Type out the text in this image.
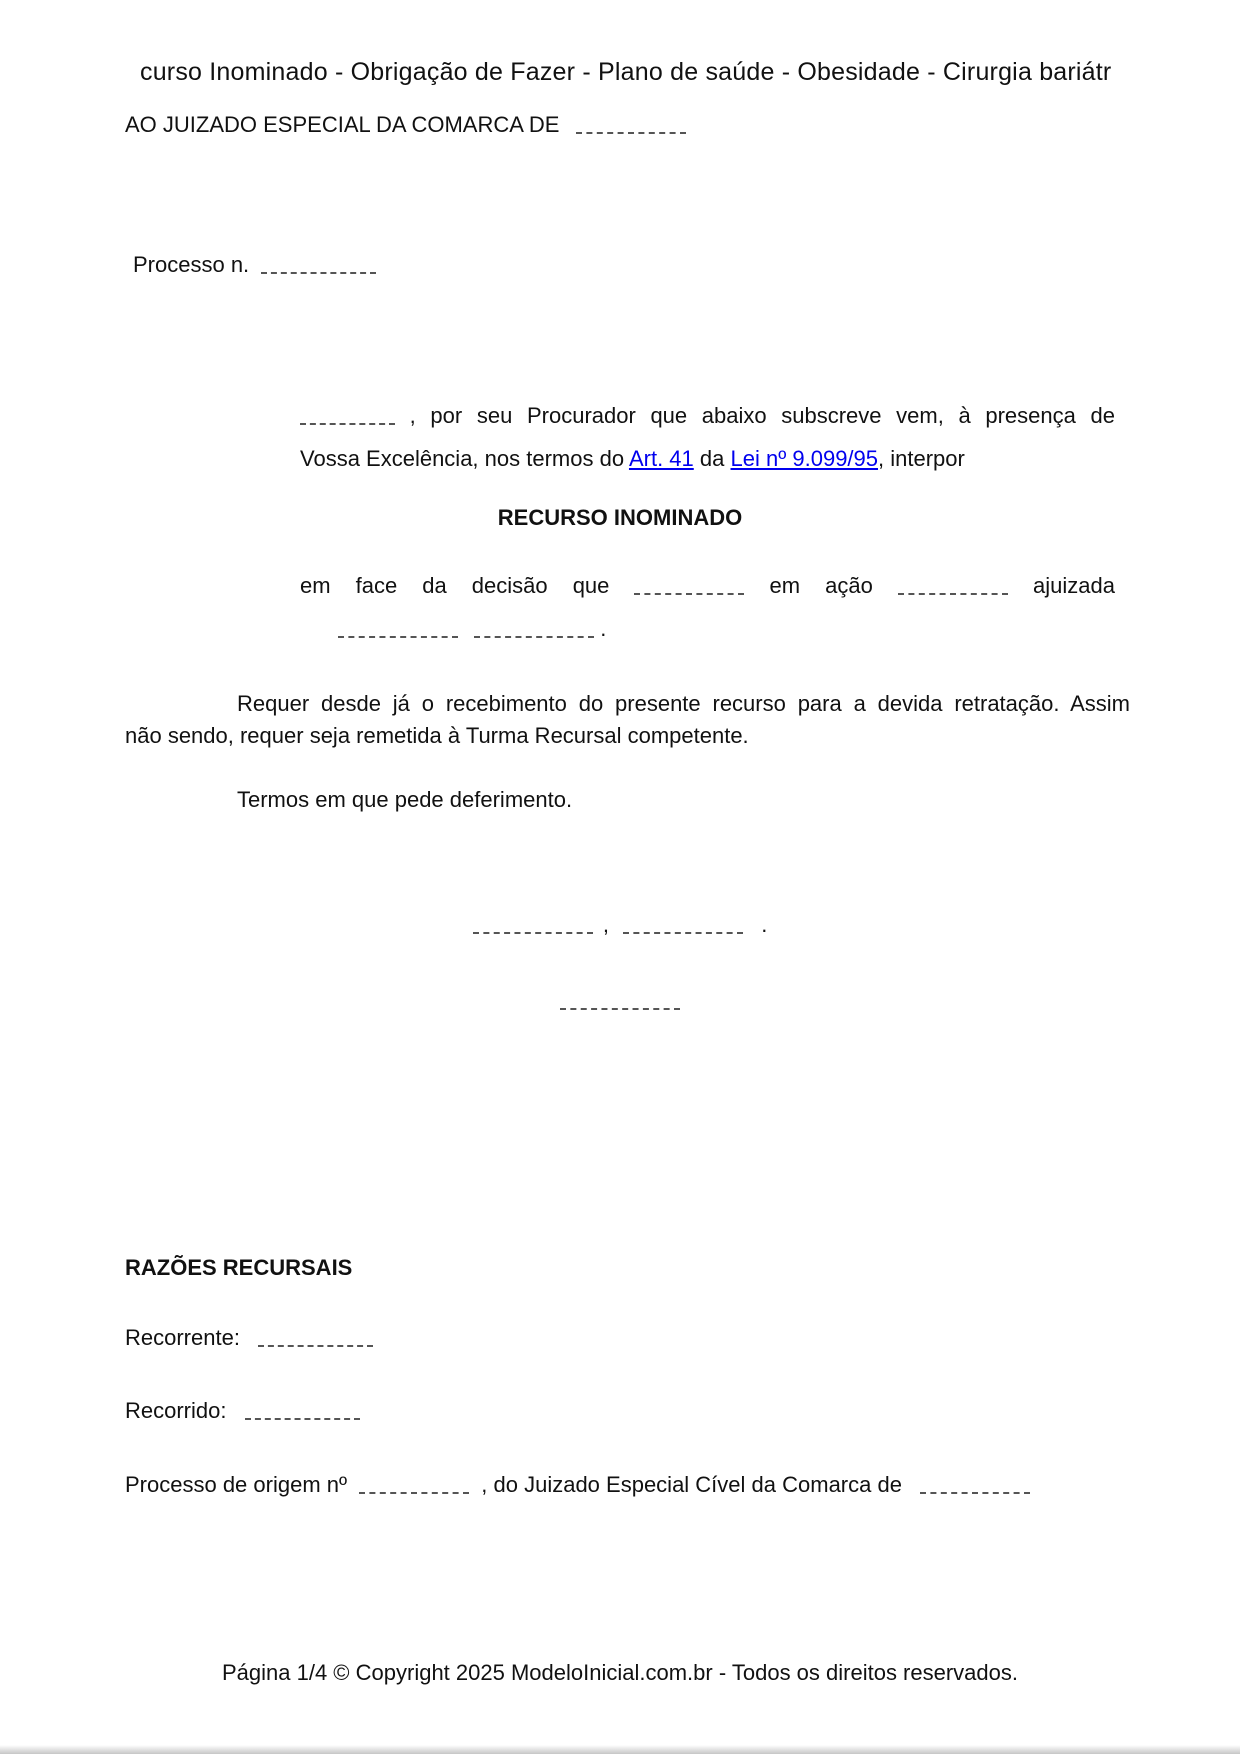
curso Inominado - Obrigação de Fazer - Plano de saúde - Obesidade - Cirurgia bariátr
AO JUIZADO ESPECIAL DA COMARCA DE
Processo n.
, por seu Procurador que abaixo subscreve vem, à presença de
Vossa Excelência, nos termos do Art. 41 da Lei nº 9.099/95, interpor
RECURSO INOMINADO
em face da decisão que	em ação	ajuizada
.
Requer desde já o recebimento do presente recurso para a devida retratação. Assim
não sendo, requer seja remetida à Turma Recursal competente.
Termos em que pede deferimento.
,	.
RAZÕES RECURSAIS
Recorrente:
Recorrido:
Processo de origem nº	, do Juizado Especial Cível da Comarca de
Página 1/4 © Copyright 2025 ModeloInicial.com.br - Todos os direitos reservados.
